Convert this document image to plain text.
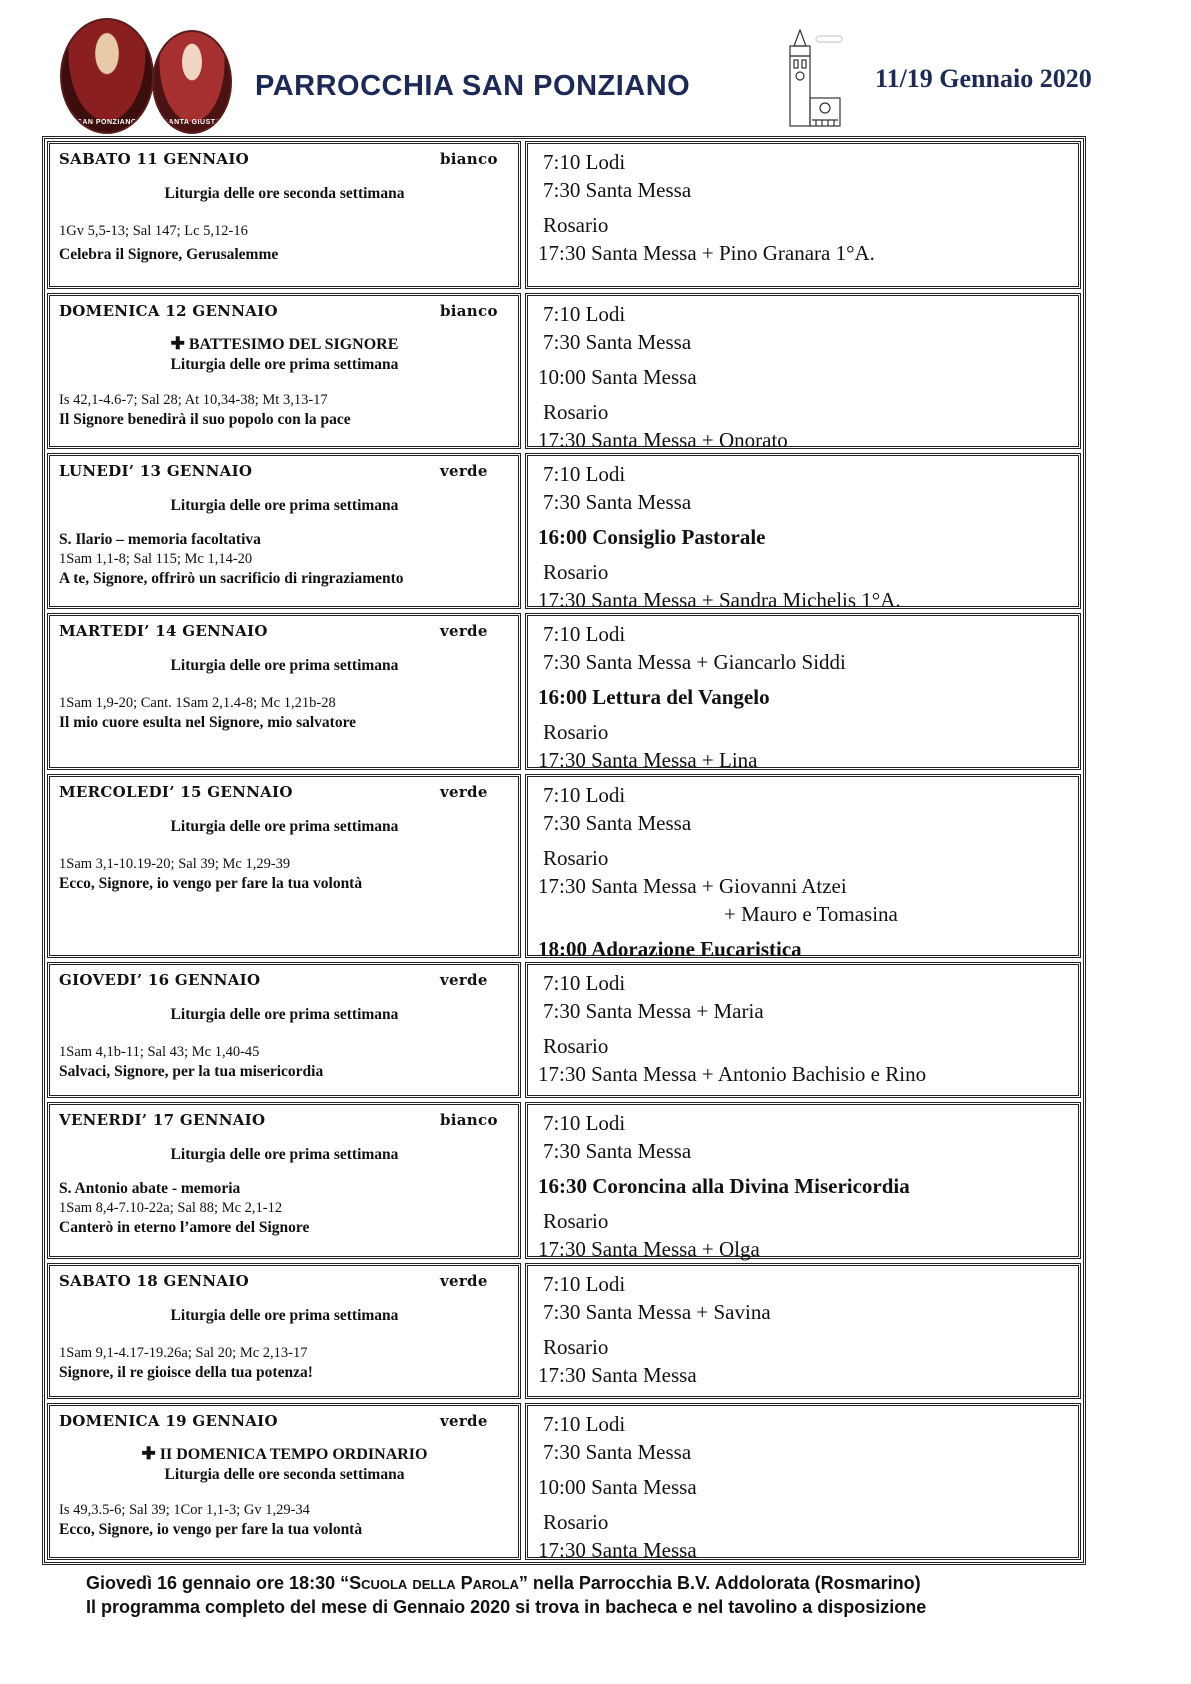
SAN PONZIANO	SANTA GIUSTA
PARROCCHIA SAN PONZIANO	11/19 Gennaio 2020
SABATO 11 GENNAIO	bianco
Liturgia delle ore seconda settimana
1Gv 5,5-13; Sal 147; Lc 5,12-16
Celebra il Signore, Gerusalemme
7:10 Lodi
7:30 Santa Messa
Rosario
17:30 Santa Messa + Pino Granara 1°A.
DOMENICA 12 GENNAIO	bianco
✚ BATTESIMO DEL SIGNORE
Liturgia delle ore prima settimana
Is 42,1-4.6-7; Sal 28; At 10,34-38; Mt 3,13-17
Il Signore benedirà il suo popolo con la pace
7:10 Lodi
7:30 Santa Messa
10:00 Santa Messa
Rosario
17:30 Santa Messa + Onorato
LUNEDI’ 13 GENNAIO	verde
Liturgia delle ore prima settimana
S. Ilario – memoria facoltativa
1Sam 1,1-8; Sal 115; Mc 1,14-20
A te, Signore, offrirò un sacrificio di ringraziamento
7:10 Lodi
7:30 Santa Messa
16:00 Consiglio Pastorale
Rosario
17:30 Santa Messa + Sandra Michelis 1°A.
MARTEDI’ 14 GENNAIO	verde
Liturgia delle ore prima settimana
1Sam 1,9-20; Cant. 1Sam 2,1.4-8; Mc 1,21b-28
Il mio cuore esulta nel Signore, mio salvatore
7:10 Lodi
7:30 Santa Messa + Giancarlo Siddi
16:00 Lettura del Vangelo
Rosario
17:30 Santa Messa + Lina
MERCOLEDI’ 15 GENNAIO	verde
Liturgia delle ore prima settimana
1Sam 3,1-10.19-20; Sal 39; Mc 1,29-39
Ecco, Signore, io vengo per fare la tua volontà
7:10 Lodi
7:30 Santa Messa
Rosario
17:30 Santa Messa + Giovanni Atzei
+ Mauro e Tomasina
18:00 Adorazione Eucaristica
GIOVEDI’ 16 GENNAIO	verde
Liturgia delle ore prima settimana
1Sam 4,1b-11; Sal 43; Mc 1,40-45
Salvaci, Signore, per la tua misericordia
7:10 Lodi
7:30 Santa Messa + Maria
Rosario
17:30 Santa Messa + Antonio Bachisio e Rino
VENERDI’ 17 GENNAIO	bianco
Liturgia delle ore prima settimana
S. Antonio abate - memoria
1Sam 8,4-7.10-22a; Sal 88; Mc 2,1-12
Canterò in eterno l’amore del Signore
7:10 Lodi
7:30 Santa Messa
16:30 Coroncina alla Divina Misericordia
Rosario
17:30 Santa Messa + Olga
SABATO 18 GENNAIO	verde
Liturgia delle ore prima settimana
1Sam 9,1-4.17-19.26a; Sal 20; Mc 2,13-17
Signore, il re gioisce della tua potenza!
7:10 Lodi
7:30 Santa Messa + Savina
Rosario
17:30 Santa Messa
DOMENICA 19 GENNAIO	verde
✚ II DOMENICA TEMPO ORDINARIO
Liturgia delle ore seconda settimana
Is 49,3.5-6; Sal 39; 1Cor 1,1-3; Gv 1,29-34
Ecco, Signore, io vengo per fare la tua volontà
7:10 Lodi
7:30 Santa Messa
10:00 Santa Messa
Rosario
17:30 Santa Messa
Giovedì 16 gennaio ore 18:30 “Scuola della Parola” nella Parrocchia B.V. Addolorata (Rosmarino)
Il programma completo del mese di Gennaio 2020 si trova in bacheca e nel tavolino a disposizione
